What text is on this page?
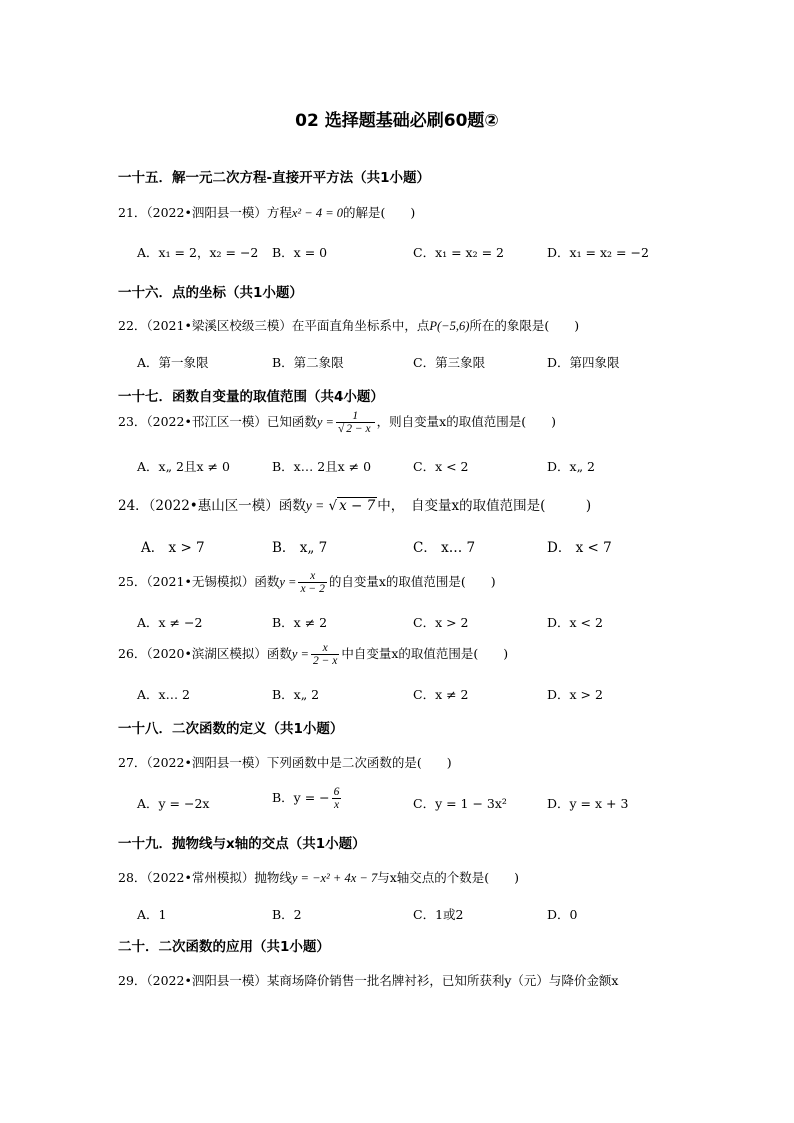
02 选择题基础必刷60题②
一十五．解一元二次方程-直接开平方法（共1小题）
21．（2022•泗阳县一模）方程x² − 4 = 0的解是(　　)
A．x₁ = 2，x₂ = −2 B．x = 0	C．x₁ = x₂ = 2	D．x₁ = x₂ = −2
一十六．点的坐标（共1小题）
22．（2021•梁溪区校级三模）在平面直角坐标系中，点P(−5,6)所在的象限是(　　)
A．第一象限	B．第二象限	C．第三象限	D．第四象限
一十七．函数自变量的取值范围（共4小题）
23．（2022•邗江区一模）已知函数$y = \frac{1}{√ 2 - x}$ ，则自变量x的取值范围是(　　)
A．x„ 2且x ≠ 0	B．x… 2且x ≠ 0	C．x < 2	D．x„ 2
24．（2022•惠山区一模）函数y = √ x − 7 中，　自变量x的取值范围是(　　　)
A． x > 7	B． x„ 7	C． x… 7	D． x < 7
25．（2021•无锡模拟）函数$y = \frac{x}{x - 2}$ 的自变量x的取值范围是(　　)
A．x ≠ −2	B．x ≠ 2	C．x > 2	D．x < 2
26．（2020•滨湖区模拟）函数$y = \frac{x}{2 - x}$ 中自变量x的取值范围是(　　)
A．x… 2	B．x„ 2	C．x ≠ 2	D．x > 2
一十八．二次函数的定义（共1小题）
27．（2022•泗阳县一模）下列函数中是二次函数的是(　　)
A．y = −2x	B．y = − $\frac{6}{x}$	C．y = 1 − 3x²	D．y = x + 3
一十九．抛物线与x轴的交点（共1小题）
28．（2022•常州模拟）抛物线y = −x² + 4x − 7与x轴交点的个数是(　　)
A．1	B．2	C．1或2	D．0
二十．二次函数的应用（共1小题）
29．（2022•泗阳县一模）某商场降价销售一批名牌衬衫，已知所获利y（元）与降价金额x
